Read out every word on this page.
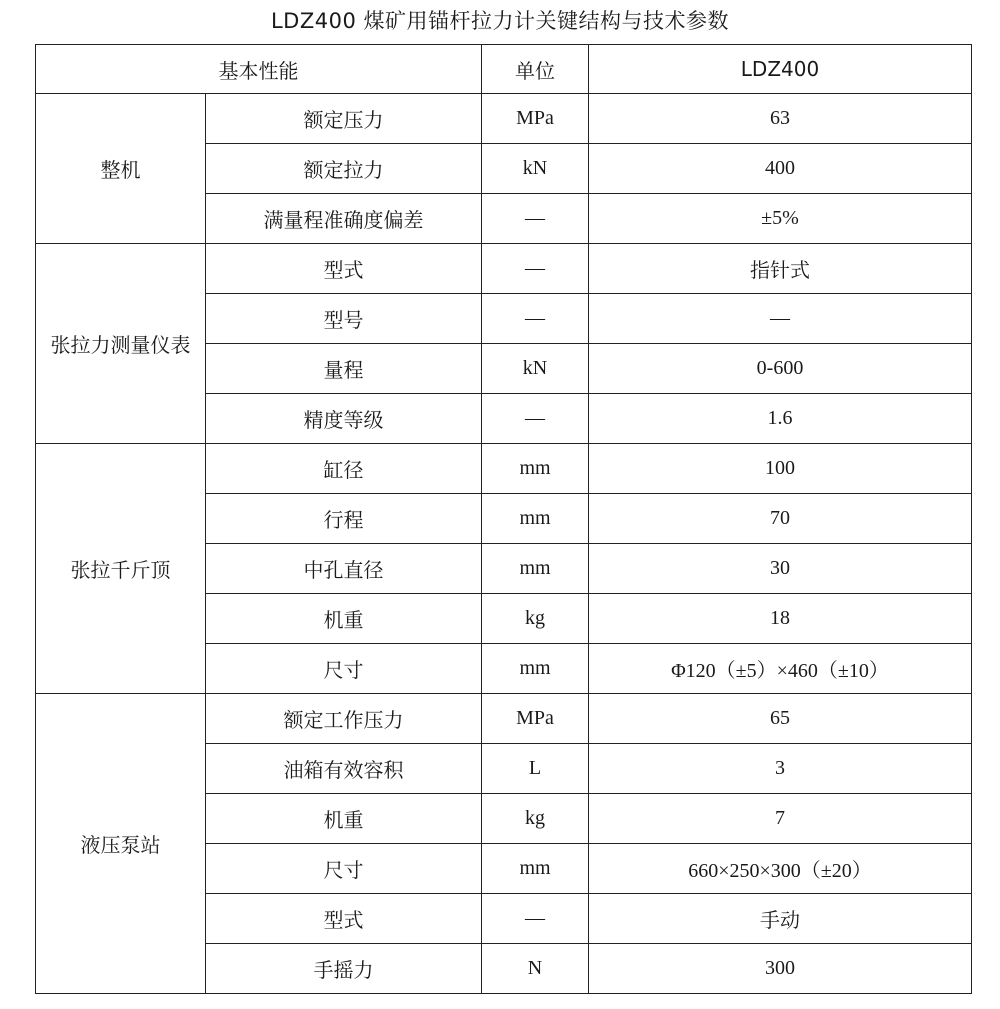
LDZ400 煤矿用锚杆拉力计关键结构与技术参数
基本性能		单位	LDZ400
整机	额定压力	MPa	63
	额定拉力	kN	400
	满量程准确度偏差	—	±5%
张拉力测量仪表	型式	—	指针式
	型号	—	—
	量程	kN	0-600
	精度等级	—	1.6
张拉千斤顶	缸径	mm	100
	行程	mm	70
	中孔直径	mm	30
	机重	kg	18
	尺寸	mm	Φ120（±5）×460（±10）
液压泵站	额定工作压力	MPa	65
	油箱有效容积	L	3
	机重	kg	7
	尺寸	mm	660×250×300（±20）
	型式	—	手动
	手摇力	N	300
